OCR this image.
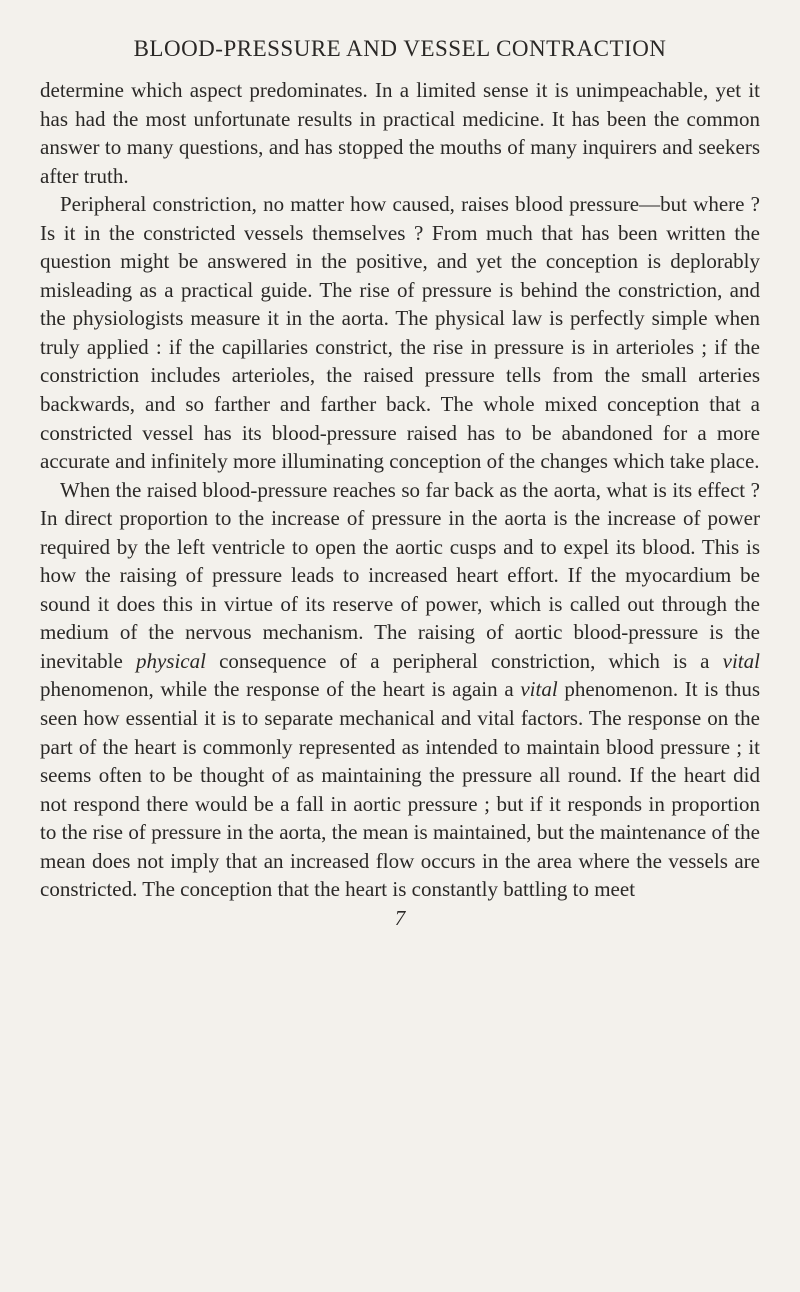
BLOOD-PRESSURE AND VESSEL CONTRACTION

determine which aspect predominates. In a limited sense it is unimpeachable, yet it has had the most unfortunate results in practical medicine. It has been the common answer to many questions, and has stopped the mouths of many inquirers and seekers after truth.

Peripheral constriction, no matter how caused, raises blood pressure—but where ? Is it in the constricted vessels themselves ? From much that has been written the question might be answered in the positive, and yet the conception is deplorably misleading as a practical guide. The rise of pressure is behind the constriction, and the physiologists measure it in the aorta. The physical law is perfectly simple when truly applied : if the capillaries constrict, the rise in pressure is in arterioles ; if the constriction includes arterioles, the raised pressure tells from the small arteries backwards, and so farther and farther back. The whole mixed conception that a constricted vessel has its blood-pressure raised has to be abandoned for a more accurate and infinitely more illuminating conception of the changes which take place.

When the raised blood-pressure reaches so far back as the aorta, what is its effect ? In direct proportion to the increase of pressure in the aorta is the increase of power required by the left ventricle to open the aortic cusps and to expel its blood. This is how the raising of pressure leads to increased heart effort. If the myocardium be sound it does this in virtue of its reserve of power, which is called out through the medium of the nervous mechanism. The raising of aortic blood-pressure is the inevitable physical consequence of a peripheral constriction, which is a vital phenomenon, while the response of the heart is again a vital phenomenon. It is thus seen how essential it is to separate mechanical and vital factors. The response on the part of the heart is commonly represented as intended to maintain blood pressure ; it seems often to be thought of as maintaining the pressure all round. If the heart did not respond there would be a fall in aortic pressure ; but if it responds in proportion to the rise of pressure in the aorta, the mean is maintained, but the maintenance of the mean does not imply that an increased flow occurs in the area where the vessels are constricted. The conception that the heart is constantly battling to meet

7
